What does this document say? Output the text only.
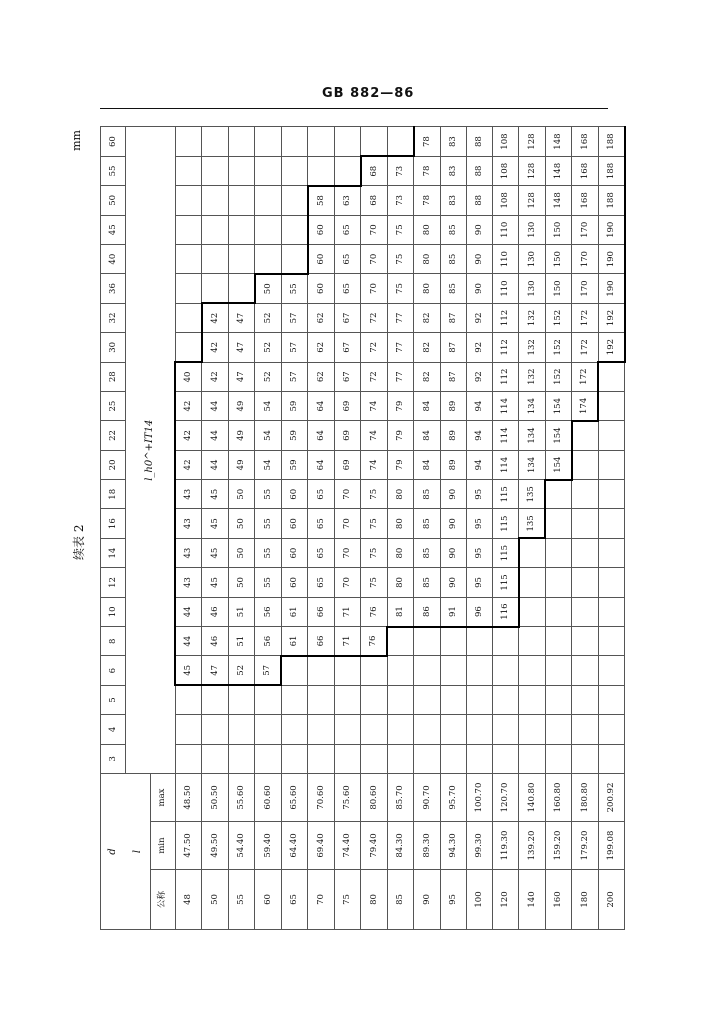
GB 882—86
续表 2
mm
d			3	4	5	6	8	10	12	14	16	18	20	22	25	28	30	32	36	40	45	50	55	60
l			l_h0^+IT14																					
公称	min	max																						
48	47.50	48.50				45	44	44	43	43	43	43	42	42	42	40								
50	49.50	50.50				47	46	46	45	45	45	45	44	44	44	42	42	42						
55	54.40	55.60				52	51	51	50	50	50	50	49	49	49	47	47	47						
60	59.40	60.60				57	56	56	55	55	55	55	54	54	54	52	52	52	50					
65	64.40	65.60					61	61	60	60	60	60	59	59	59	57	57	57	55					
70	69.40	70.60					66	66	65	65	65	65	64	64	64	62	62	62	60	60	60	58		
75	74.40	75.60					71	71	70	70	70	70	69	69	69	67	67	67	65	65	65	63		
80	79.40	80.60					76	76	75	75	75	75	74	74	74	72	72	72	70	70	70	68	68	
85	84.30	85.70						81	80	80	80	80	79	79	79	77	77	77	75	75	75	73	73	
90	89.30	90.70						86	85	85	85	85	84	84	84	82	82	82	80	80	80	78	78	78
95	94.30	95.70						91	90	90	90	90	89	89	89	87	87	87	85	85	85	83	83	83
100	99.30	100.70						96	95	95	95	95	94	94	94	92	92	92	90	90	90	88	88	88
120	119.30	120.70						116	115	115	115	115	114	114	114	112	112	112	110	110	110	108	108	108
140	139.20	140.80									135	135	134	134	134	132	132	132	130	130	130	128	128	128
160	159.20	160.80											154	154	154	152	152	152	150	150	150	148	148	148
180	179.20	180.80													174	172	172	172	170	170	170	168	168	168
200	199.08	200.92															192	192	190	190	190	188	188	188
